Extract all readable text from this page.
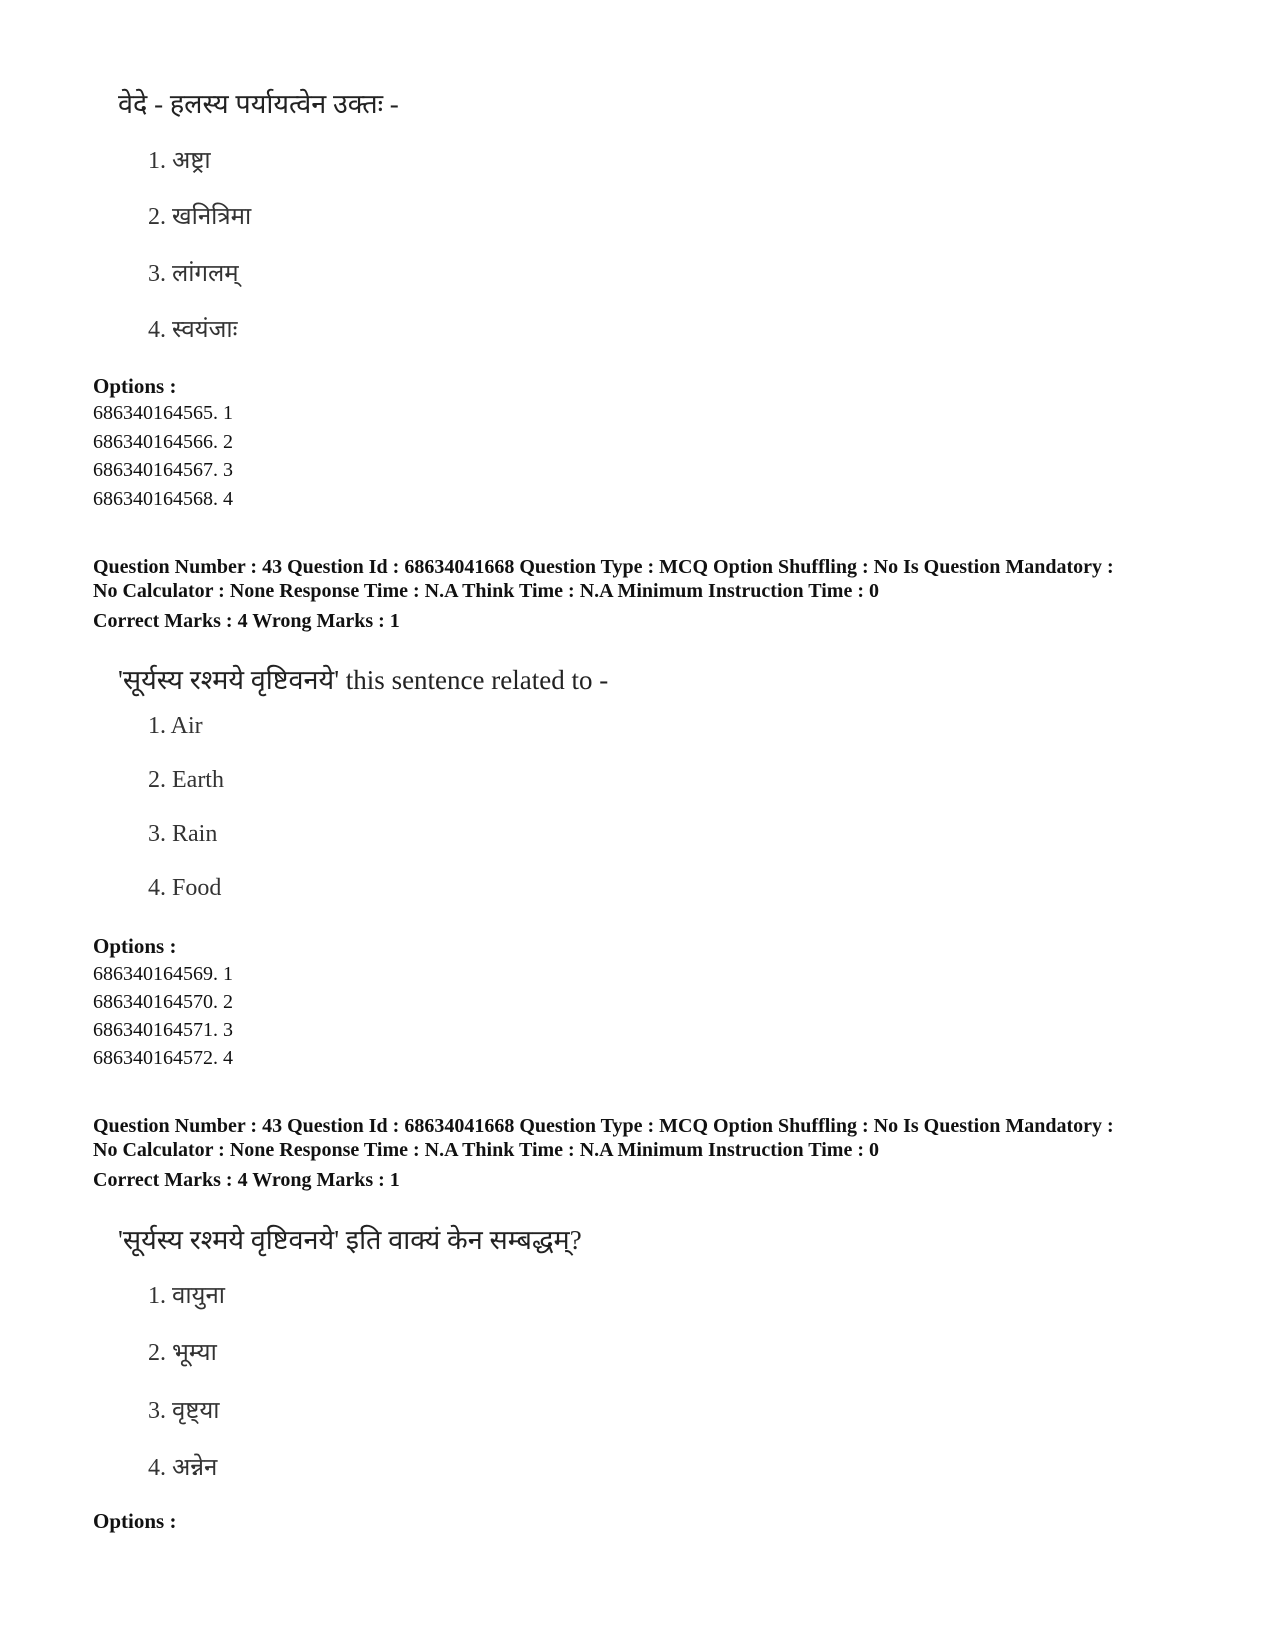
वेदे - हलस्य पर्यायत्वेन उक्तः -
1. अष्ट्रा
2. खनित्रिमा
3. लांगलम्
4. स्वयंजाः
Options :
686340164565. 1
686340164566. 2
686340164567. 3
686340164568. 4
Question Number : 43 Question Id : 68634041668 Question Type : MCQ Option Shuffling : No Is Question Mandatory :
No Calculator : None Response Time : N.A Think Time : N.A Minimum Instruction Time : 0
Correct Marks : 4 Wrong Marks : 1
'सूर्यस्य रश्मये वृष्टिवनये' this sentence related to -
1. Air
2. Earth
3. Rain
4. Food
Options :
686340164569. 1
686340164570. 2
686340164571. 3
686340164572. 4
Question Number : 43 Question Id : 68634041668 Question Type : MCQ Option Shuffling : No Is Question Mandatory :
No Calculator : None Response Time : N.A Think Time : N.A Minimum Instruction Time : 0
Correct Marks : 4 Wrong Marks : 1
'सूर्यस्य रश्मये वृष्टिवनये' इति वाक्यं केन सम्बद्धम्?
1. वायुना
2. भूम्या
3. वृष्ट्या
4. अन्नेन
Options :
